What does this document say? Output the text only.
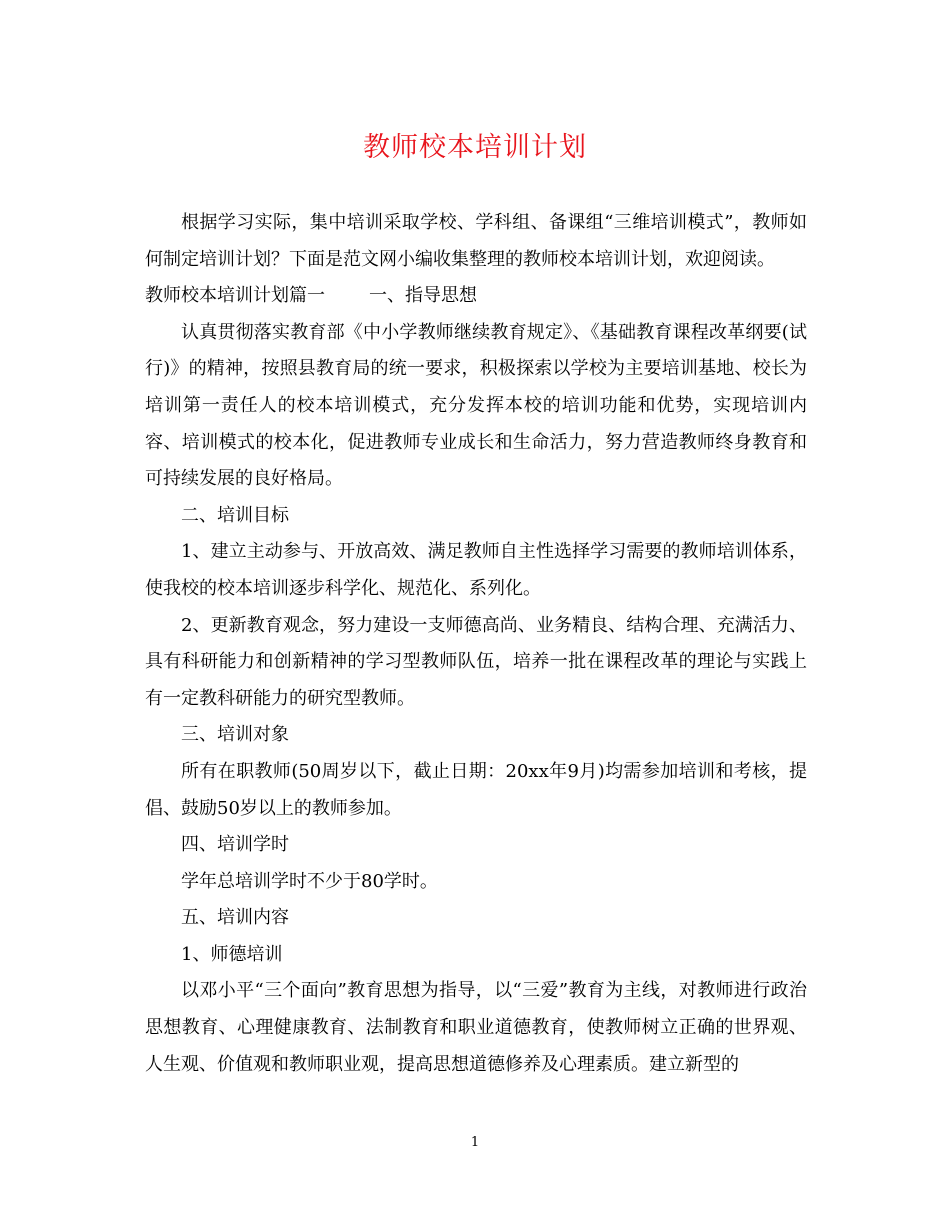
教师校本培训计划

根据学习实际，集中培训采取学校、学科组、备课组“三维培训模式”，教师如何制定培训计划？下面是范文网小编收集整理的教师校本培训计划，欢迎阅读。

教师校本培训计划篇一 一、指导思想

认真贯彻落实教育部《中小学教师继续教育规定》、《基础教育课程改革纲要(试行)》的精神，按照县教育局的统一要求，积极探索以学校为主要培训基地、校长为培训第一责任人的校本培训模式，充分发挥本校的培训功能和优势，实现培训内容、培训模式的校本化，促进教师专业成长和生命活力，努力营造教师终身教育和可持续发展的良好格局。

二、培训目标

1、建立主动参与、开放高效、满足教师自主性选择学习需要的教师培训体系，使我校的校本培训逐步科学化、规范化、系列化。

2、更新教育观念，努力建设一支师德高尚、业务精良、结构合理、充满活力、具有科研能力和创新精神的学习型教师队伍，培养一批在课程改革的理论与实践上有一定教科研能力的研究型教师。

三、培训对象

所有在职教师(50周岁以下，截止日期：20xx年9月)均需参加培训和考核，提倡、鼓励50岁以上的教师参加。

四、培训学时

学年总培训学时不少于80学时。

五、培训内容

1、师德培训

以邓小平“三个面向”教育思想为指导，以“三爱”教育为主线，对教师进行政治思想教育、心理健康教育、法制教育和职业道德教育，使教师树立正确的世界观、人生观、价值观和教师职业观，提高思想道德修养及心理素质。建立新型的

1
